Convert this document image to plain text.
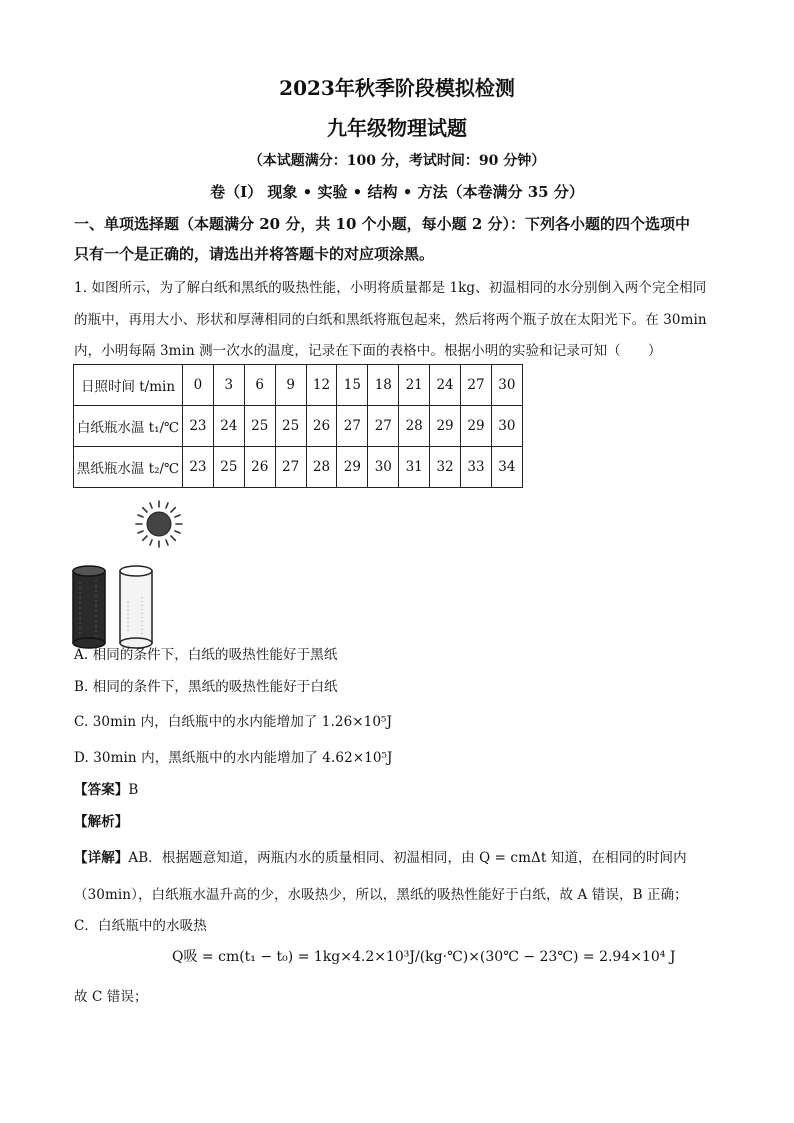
2023年秋季阶段模拟检测
九年级物理试题
（本试题满分：100 分，考试时间：90 分钟）
卷（I） 现象 • 实验 • 结构 • 方法（本卷满分 35 分）
一、单项选择题（本题满分 20 分，共 10 个小题，每小题 2 分）：下列各小题的四个选项中
只有一个是正确的，请选出并将答题卡的对应项涂黑。
1. 如图所示，为了解白纸和黑纸的吸热性能，小明将质量都是 1kg、初温相同的水分别倒入两个完全相同
的瓶中，再用大小、形状和厚薄相同的白纸和黑纸将瓶包起来，然后将两个瓶子放在太阳光下。在 30min
内，小明每隔 3min 测一次水的温度，记录在下面的表格中。根据小明的实验和记录可知（　　）
日照时间 t/min	0	3	6	9	12	15	18	21	24	27	30
白纸瓶水温 t₁/℃	23	24	25	25	26	27	27	28	29	29	30
黑纸瓶水温 t₂/℃	23	25	26	27	28	29	30	31	32	33	34
A. 相同的条件下，白纸的吸热性能好于黑纸
B. 相同的条件下，黑纸的吸热性能好于白纸
C. 30min 内，白纸瓶中的水内能增加了 1.26×10⁵J
D. 30min 内，黑纸瓶中的水内能增加了 4.62×10⁵J
【答案】B
【解析】
【详解】AB．根据题意知道，两瓶内水的质量相同、初温相同，由 Q = cmΔt 知道，在相同的时间内
（30min），白纸瓶水温升高的少，水吸热少，所以，黑纸的吸热性能好于白纸，故 A 错误，B 正确；
C．白纸瓶中的水吸热
Q吸 = cm(t₁ − t₀) = 1kg×4.2×10³J/(kg·℃)×(30℃ − 23℃) = 2.94×10⁴ J
故 C 错误；
